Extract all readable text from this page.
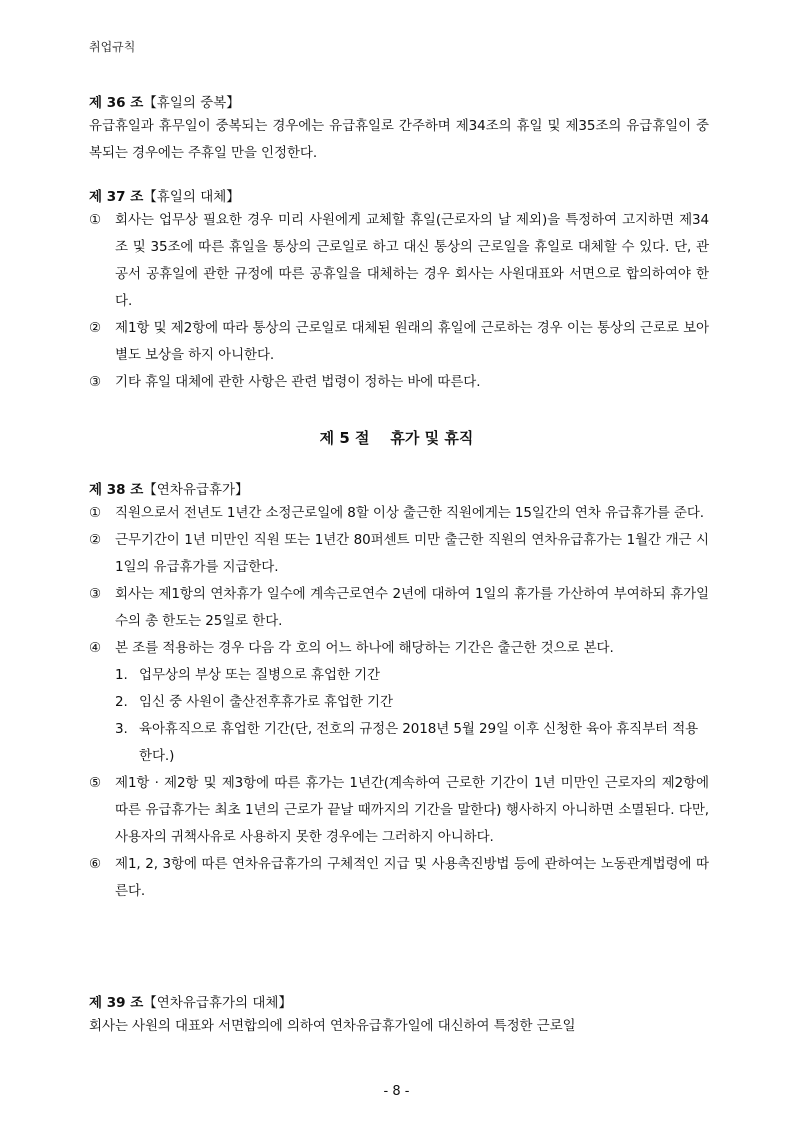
취업규칙
제 36 조【휴일의 중복】
유급휴일과 휴무일이 중복되는 경우에는 유급휴일로 간주하며 제34조의 휴일 및 제35조의 유급휴일이 중복되는 경우에는 주휴일 만을 인정한다.
제 37 조【휴일의 대체】
① 회사는 업무상 필요한 경우 미리 사원에게 교체할 휴일(근로자의 날 제외)을 특정하여 고지하면 제34조 및 35조에 따른 휴일을 통상의 근로일로 하고 대신 통상의 근로일을 휴일로 대체할 수 있다. 단, 관공서 공휴일에 관한 규정에 따른 공휴일을 대체하는 경우 회사는 사원대표와 서면으로 합의하여야 한다.
② 제1항 및 제2항에 따라 통상의 근로일로 대체된 원래의 휴일에 근로하는 경우 이는 통상의 근로로 보아 별도 보상을 하지 아니한다.
③ 기타 휴일 대체에 관한 사항은 관련 법령이 정하는 바에 따른다.
제 5 절    휴가 및 휴직
제 38 조【연차유급휴가】
① 직원으로서 전년도 1년간 소정근로일에 8할 이상 출근한 직원에게는 15일간의 연차 유급휴가를 준다.
② 근무기간이 1년 미만인 직원 또는 1년간 80퍼센트 미만 출근한 직원의 연차유급휴가는 1월간 개근 시 1일의 유급휴가를 지급한다.
③ 회사는 제1항의 연차휴가 일수에 계속근로연수 2년에 대하여 1일의 휴가를 가산하여 부여하되 휴가일수의 총 한도는 25일로 한다.
④ 본 조를 적용하는 경우 다음 각 호의 어느 하나에 해당하는 기간은 출근한 것으로 본다.
1. 업무상의 부상 또는 질병으로 휴업한 기간
2. 임신 중 사원이 출산전후휴가로 휴업한 기간
3. 육아휴직으로 휴업한 기간(단, 전호의 규정은 2018년 5월 29일 이후 신청한 육아 휴직부터 적용한다.)
⑤ 제1항 · 제2항 및 제3항에 따른 휴가는 1년간(계속하여 근로한 기간이 1년 미만인 근로자의 제2항에 따른 유급휴가는 최초 1년의 근로가 끝날 때까지의 기간을 말한다) 행사하지 아니하면 소멸된다. 다만, 사용자의 귀책사유로 사용하지 못한 경우에는 그러하지 아니하다.
⑥ 제1, 2, 3항에 따른 연차유급휴가의 구체적인 지급 및 사용촉진방법 등에 관하여는 노동관계법령에 따른다.
제 39 조【연차유급휴가의 대체】
회사는 사원의 대표와 서면합의에 의하여 연차유급휴가일에 대신하여 특정한 근로일
- 8 -
